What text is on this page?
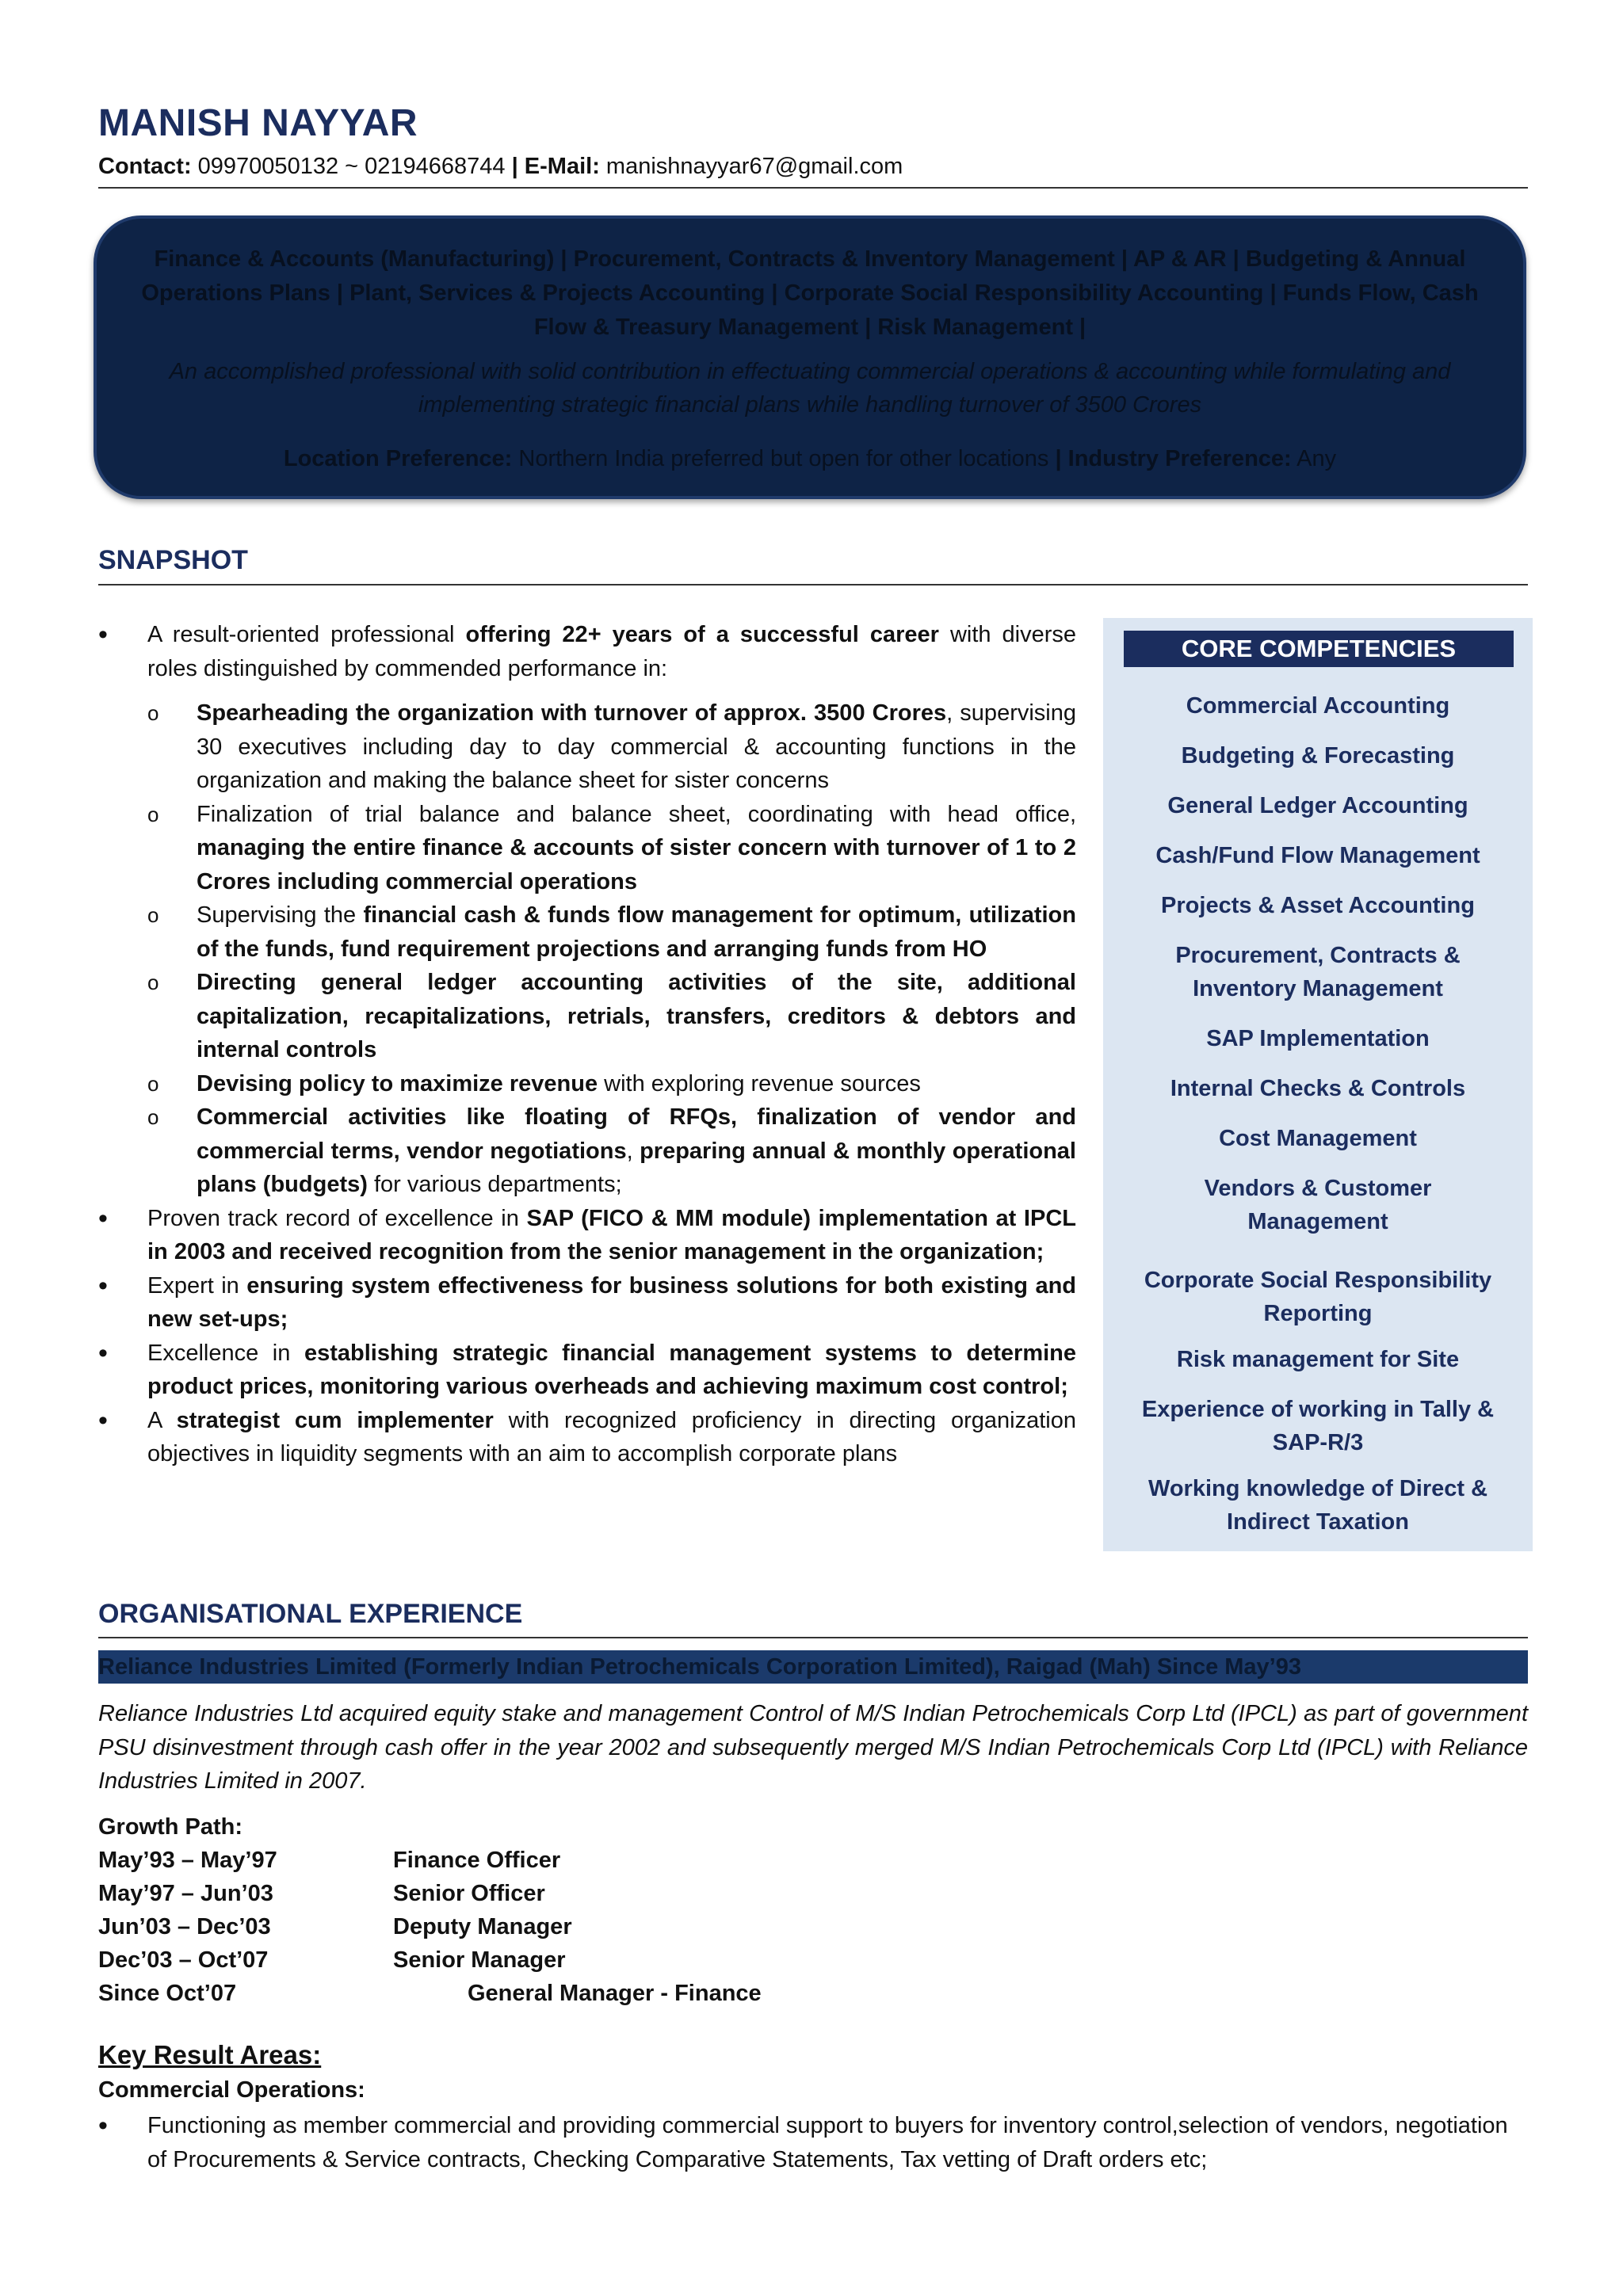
MANISH NAYYAR
Contact: 09970050132 ~ 02194668744 | E-Mail: manishnayyar67@gmail.com
Finance & Accounts (Manufacturing) | Procurement, Contracts & Inventory Management | AP & AR | Budgeting & Annual Operations Plans | Plant, Services & Projects Accounting | Corporate Social Responsibility Accounting | Funds Flow, Cash Flow & Treasury Management | Risk Management |
An accomplished professional with solid contribution in effectuating commercial operations & accounting while formulating and implementing strategic financial plans while handling turnover of 3500 Crores
Location Preference: Northern India preferred but open for other locations | Industry Preference: Any
SNAPSHOT
• A result-oriented professional offering 22+ years of a successful career with diverse roles distinguished by commended performance in:
o Spearheading the organization with turnover of approx. 3500 Crores, supervising 30 executives including day to day commercial & accounting functions in the organization and making the balance sheet for sister concerns
o Finalization of trial balance and balance sheet, coordinating with head office, managing the entire finance & accounts of sister concern with turnover of 1 to 2 Crores including commercial operations
o Supervising the financial cash & funds flow management for optimum, utilization of the funds, fund requirement projections and arranging funds from HO
o Directing general ledger accounting activities of the site, additional capitalization, recapitalizations, retrials, transfers, creditors & debtors and internal controls
o Devising policy to maximize revenue with exploring revenue sources
o Commercial activities like floating of RFQs, finalization of vendor and commercial terms, vendor negotiations, preparing annual & monthly operational plans (budgets) for various departments;
• Proven track record of excellence in SAP (FICO & MM module) implementation at IPCL in 2003 and received recognition from the senior management in the organization;
• Expert in ensuring system effectiveness for business solutions for both existing and new set-ups;
• Excellence in establishing strategic financial management systems to determine product prices, monitoring various overheads and achieving maximum cost control;
• A strategist cum implementer with recognized proficiency in directing organization objectives in liquidity segments with an aim to accomplish corporate plans
CORE COMPETENCIES
Commercial Accounting
Budgeting & Forecasting
General Ledger Accounting
Cash/Fund Flow Management
Projects & Asset Accounting
Procurement, Contracts & Inventory Management
SAP Implementation
Internal Checks & Controls
Cost Management
Vendors & Customer Management
Corporate Social Responsibility Reporting
Risk management for Site
Experience of working in Tally & SAP-R/3
Working knowledge of Direct & Indirect Taxation
ORGANISATIONAL EXPERIENCE
Reliance Industries Limited (Formerly Indian Petrochemicals Corporation Limited), Raigad (Mah) Since May’93
Reliance Industries Ltd acquired equity stake and management Control of M/S Indian Petrochemicals Corp Ltd (IPCL) as part of government PSU disinvestment through cash offer in the year 2002 and subsequently merged M/S Indian Petrochemicals Corp Ltd (IPCL) with Reliance Industries Limited in 2007.
Growth Path:
May’93 – May’97	Finance Officer
May’97 – Jun’03	Senior Officer
Jun’03 – Dec’03	Deputy Manager
Dec’03 – Oct’07	Senior Manager
Since Oct’07	General Manager - Finance
Key Result Areas:
Commercial Operations:
• Functioning as member commercial and providing commercial support to buyers for inventory control,selection of vendors, negotiation of Procurements & Service contracts, Checking Comparative Statements, Tax vetting of Draft orders etc;
